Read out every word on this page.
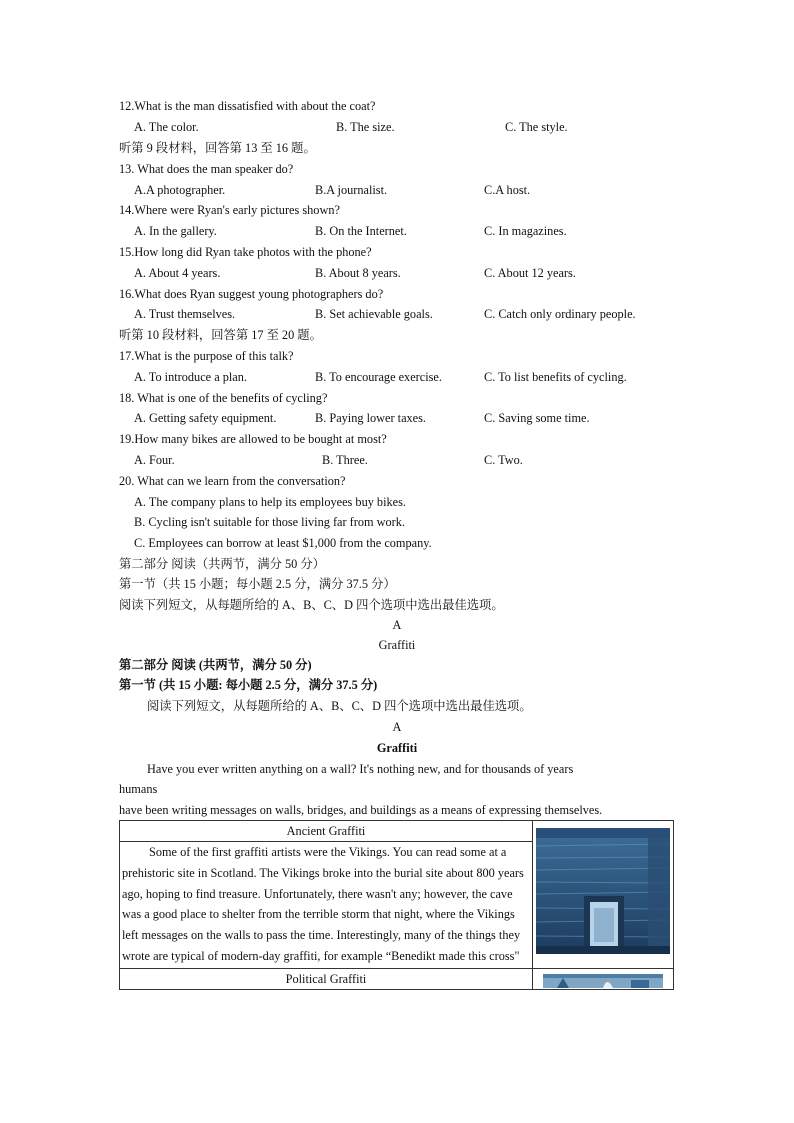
12.What is the man dissatisfied with about the coat?
A. The color.	B. The size.	C. The style.
听第 9 段材料，回答第 13 至 16 题。
13. What does the man speaker do?
A.A photographer.	B.A journalist.	C.A host.
14.Where were Ryan's early pictures shown?
A. In the gallery.	B. On the Internet.	C. In magazines.
15.How long did Ryan take photos with the phone?
A. About 4 years.	B. About 8 years.	C. About 12 years.
16.What does Ryan suggest young photographers do?
A. Trust themselves.	B. Set achievable goals.	C. Catch only ordinary people.
听第 10 段材料，回答第 17 至 20 题。
17.What is the purpose of this talk?
A. To introduce a plan.	B. To encourage exercise.	C. To list benefits of cycling.
18. What is one of the benefits of cycling?
A. Getting safety equipment.	B. Paying lower taxes.	C. Saving some time.
19.How many bikes are allowed to be bought at most?
A. Four.	B. Three.	C. Two.
20. What can we learn from the conversation?
A. The company plans to help its employees buy bikes.
B. Cycling isn't suitable for those living far from work.
C. Employees can borrow at least $1,000 from the company.
第二部分 阅读（共两节，满分 50 分）
第一节（共 15 小题；每小题 2.5 分，满分 37.5 分）
阅读下列短文，从每题所给的 A、B、C、D 四个选项中选出最佳选项。
A
Graffiti
第二部分 阅读 (共两节，满分 50 分)
第一节 (共 15 小题: 每小题 2.5 分，满分 37.5 分)
阅读下列短文，从每题所给的 A、B、C、D 四个选项中选出最佳选项。
A
Graffiti
Have you ever written anything on a wall? It's nothing new, and for thousands of years
humans
have been writing messages on walls, bridges, and buildings as a means of expressing themselves.
Ancient Graffiti
Some of the first graffiti artists were the Vikings. You can read some at a prehistoric site in Scotland. The Vikings broke into the burial site about 800 years ago, hoping to find treasure. Unfortunately, there wasn't any; however, the cave was a good place to shelter from the terrible storm that night, where the Vikings left messages on the walls to pass the time. Interestingly, many of the things they wrote are typical of modern-day graffiti, for example “Benedikt made this cross"

Political Graffiti
